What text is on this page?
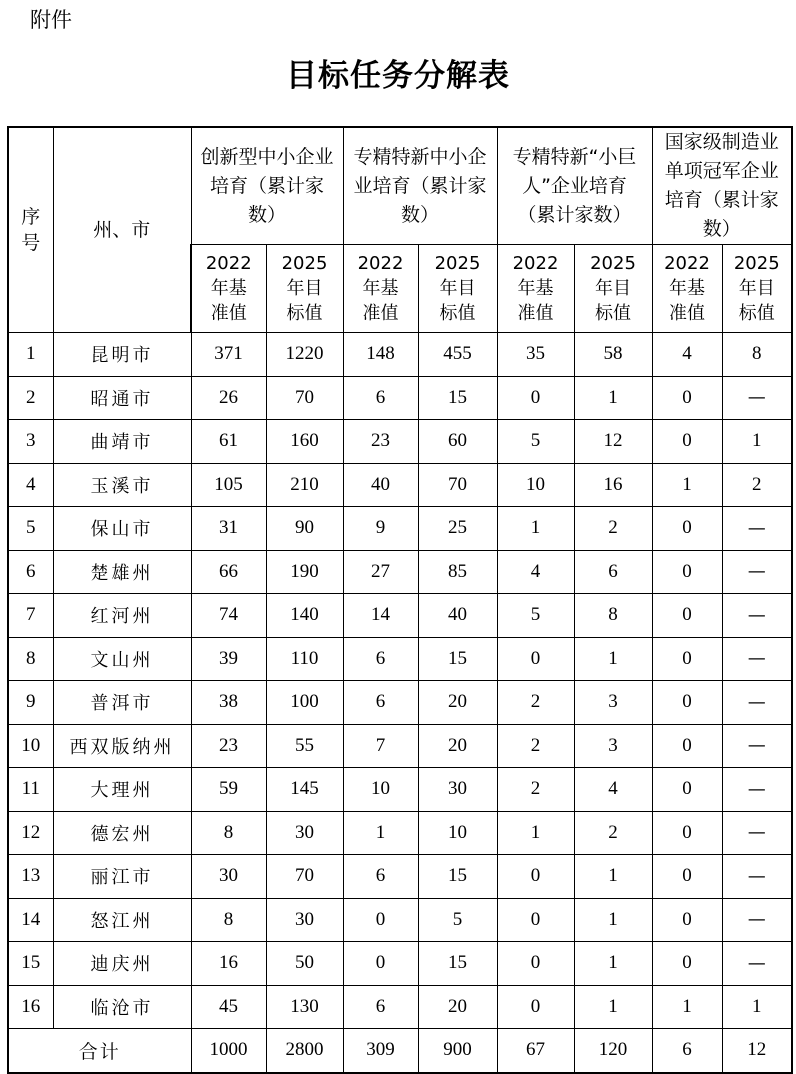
附件
目标任务分解表
序号	州、市	创新型中小企业培育（累计家数）		专精特新中小企业培育（累计家数）		专精特新“小巨人”企业培育（累计家数）		国家级制造业单项冠军企业培育（累计家数）	

		2022年基准值	2025年目标值	2022年基准值	2025年目标值	2022年基准值	2025年目标值	2022年基准值	2025年目标值

1	昆明市	371	1220	148	455	35	58	4	8
2	昭通市	26	70	6	15	0	1	0	—
3	曲靖市	61	160	23	60	5	12	0	1
4	玉溪市	105	210	40	70	10	16	1	2
5	保山市	31	90	9	25	1	2	0	—
6	楚雄州	66	190	27	85	4	6	0	—
7	红河州	74	140	14	40	5	8	0	—
8	文山州	39	110	6	15	0	1	0	—
9	普洱市	38	100	6	20	2	3	0	—
10	西双版纳州	23	55	7	20	2	3	0	—
11	大理州	59	145	10	30	2	4	0	—
12	德宏州	8	30	1	10	1	2	0	—
13	丽江市	30	70	6	15	0	1	0	—
14	怒江州	8	30	0	5	0	1	0	—
15	迪庆州	16	50	0	15	0	1	0	—
16	临沧市	45	130	6	20	0	1	1	1
合计		1000	2800	309	900	67	120	6	12
